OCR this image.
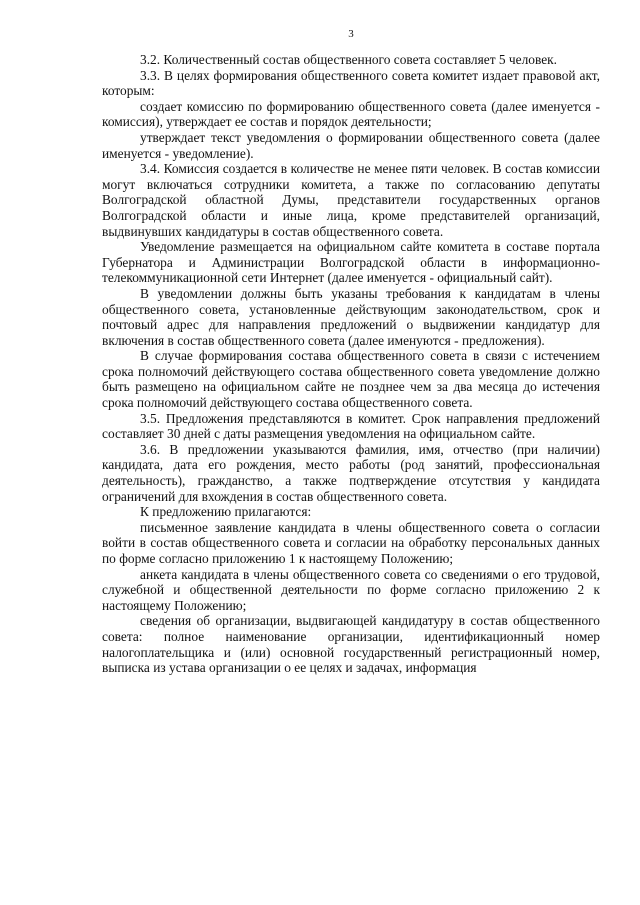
3

3.2. Количественный состав общественного совета составляет 5 человек.

3.3. В целях формирования общественного совета комитет издает правовой акт, которым:

создает комиссию по формированию общественного совета (далее именуется - комиссия), утверждает ее состав и порядок деятельности;

утверждает текст уведомления о формировании общественного совета (далее именуется - уведомление).

3.4. Комиссия создается в количестве не менее пяти человек. В состав комиссии могут включаться сотрудники комитета, а также по согласованию депутаты Волгоградской областной Думы, представители государственных органов Волгоградской области и иные лица, кроме представителей организаций, выдвинувших кандидатуры в состав общественного совета.

Уведомление размещается на официальном сайте комитета в составе портала Губернатора и Администрации Волгоградской области в информационно-телекоммуникационной сети Интернет (далее именуется - официальный сайт).

В уведомлении должны быть указаны требования к кандидатам в члены общественного совета, установленные действующим законодательством, срок и почтовый адрес для направления предложений о выдвижении кандидатур для включения в состав общественного совета (далее именуются - предложения).

В случае формирования состава общественного совета в связи с истечением срока полномочий действующего состава общественного совета уведомление должно быть размещено на официальном сайте не позднее чем за два месяца до истечения срока полномочий действующего состава общественного совета.

3.5. Предложения представляются в комитет. Срок направления предложений составляет 30 дней с даты размещения уведомления на официальном сайте.

3.6. В предложении указываются фамилия, имя, отчество (при наличии) кандидата, дата его рождения, место работы (род занятий, профессиональная деятельность), гражданство, а также подтверждение отсутствия у кандидата ограничений для вхождения в состав общественного совета.

К предложению прилагаются:

письменное заявление кандидата в члены общественного совета о согласии войти в состав общественного совета и согласии на обработку персональных данных по форме согласно приложению 1 к настоящему Положению;

анкета кандидата в члены общественного совета со сведениями о его трудовой, служебной и общественной деятельности по форме согласно приложению 2 к настоящему Положению;

сведения об организации, выдвигающей кандидатуру в состав общественного совета: полное наименование организации, идентификационный номер налогоплательщика и (или) основной государственный регистрационный номер, выписка из устава организации о ее целях и задачах, информация
